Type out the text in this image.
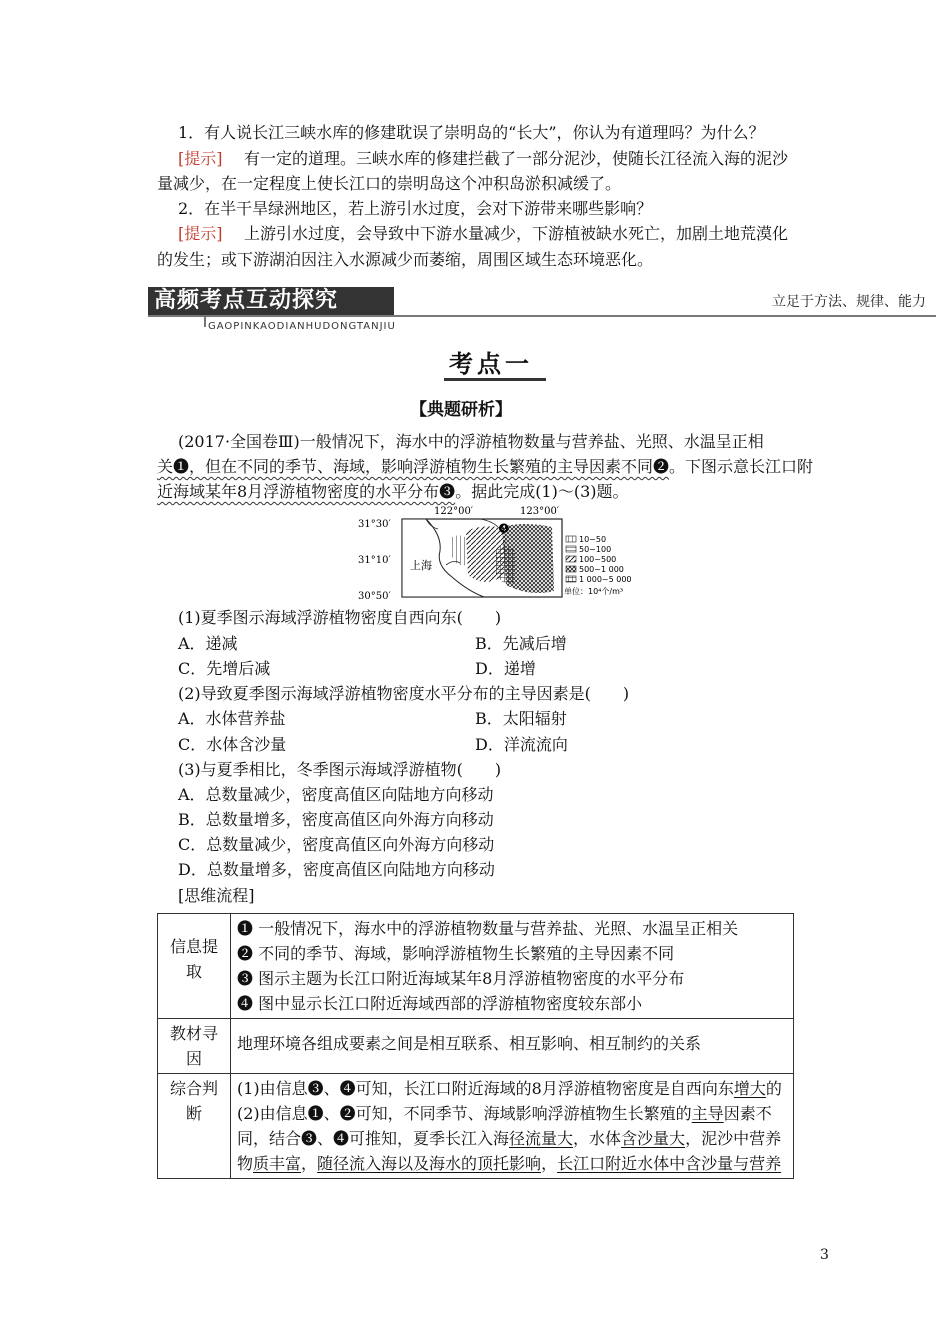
1．有人说长江三峡水库的修建耽误了崇明岛的“长大”，你认为有道理吗？为什么？
[提示] 有一定的道理。三峡水库的修建拦截了一部分泥沙，使随长江径流入海的泥沙
量减少，在一定程度上使长江口的崇明岛这个冲积岛淤积减缓了。
2．在半干旱绿洲地区，若上游引水过度，会对下游带来哪些影响？
[提示] 上游引水过度，会导致中下游水量减少，下游植被缺水死亡，加剧土地荒漠化
的发生；或下游湖泊因注入水源减少而萎缩，周围区域生态环境恶化。
高频考点互动探究
GAOPINKAODIANHUDONGTANJIU
立足于方法、规律、能力
考点一
【典题研析】
(2017·全国卷Ⅲ)一般情况下，海水中的浮游植物数量与营养盐、光照、水温呈正相
关❶，但在不同的季节、海域，影响浮游植物生长繁殖的主导因素不同❷。下图示意长江口附
近海域某年8月浮游植物密度的水平分布❸。据此完成(1)～(3)题。
122°00′	123°00′
31°30′
31°10′
30°50′
上海
❹
10~50
50~100
100~500
500~1 000
1 000~5 000
单位：10⁴个/m³
(1)夏季图示海域浮游植物密度自西向东(　　)
A．递减	B．先减后增
C．先增后减	D．递增
(2)导致夏季图示海域浮游植物密度水平分布的主导因素是(　　)
A．水体营养盐	B．太阳辐射
C．水体含沙量	D．洋流流向
(3)与夏季相比，冬季图示海域浮游植物(　　)
A．总数量减少，密度高值区向陆地方向移动
B．总数量增多，密度高值区向外海方向移动
C．总数量减少，密度高值区向外海方向移动
D．总数量增多，密度高值区向陆地方向移动
[思维流程]
信息提取	❶ 一般情况下，海水中的浮游植物数量与营养盐、光照、水温呈正相关
❷ 不同的季节、海域，影响浮游植物生长繁殖的主导因素不同
❸ 图示主题为长江口附近海域某年8月浮游植物密度的水平分布
❹ 图中显示长江口附近海域西部的浮游植物密度较东部小

教材寻因	地理环境各组成要素之间是相互联系、相互影响、相互制约的关系
综合判断	(1)由信息❸、❹可知，长江口附近海域的8月浮游植物密度是自西向东增大的
(2)由信息❶、❷可知，不同季节、海域影响浮游植物生长繁殖的主导因素不同，结合❸、❹可推知，夏季长江入海径流量大，水体含沙量大，泥沙中营养物质丰富，随径流入海以及海水的顶托影响，长江口附近水体中含沙量与营养
3
